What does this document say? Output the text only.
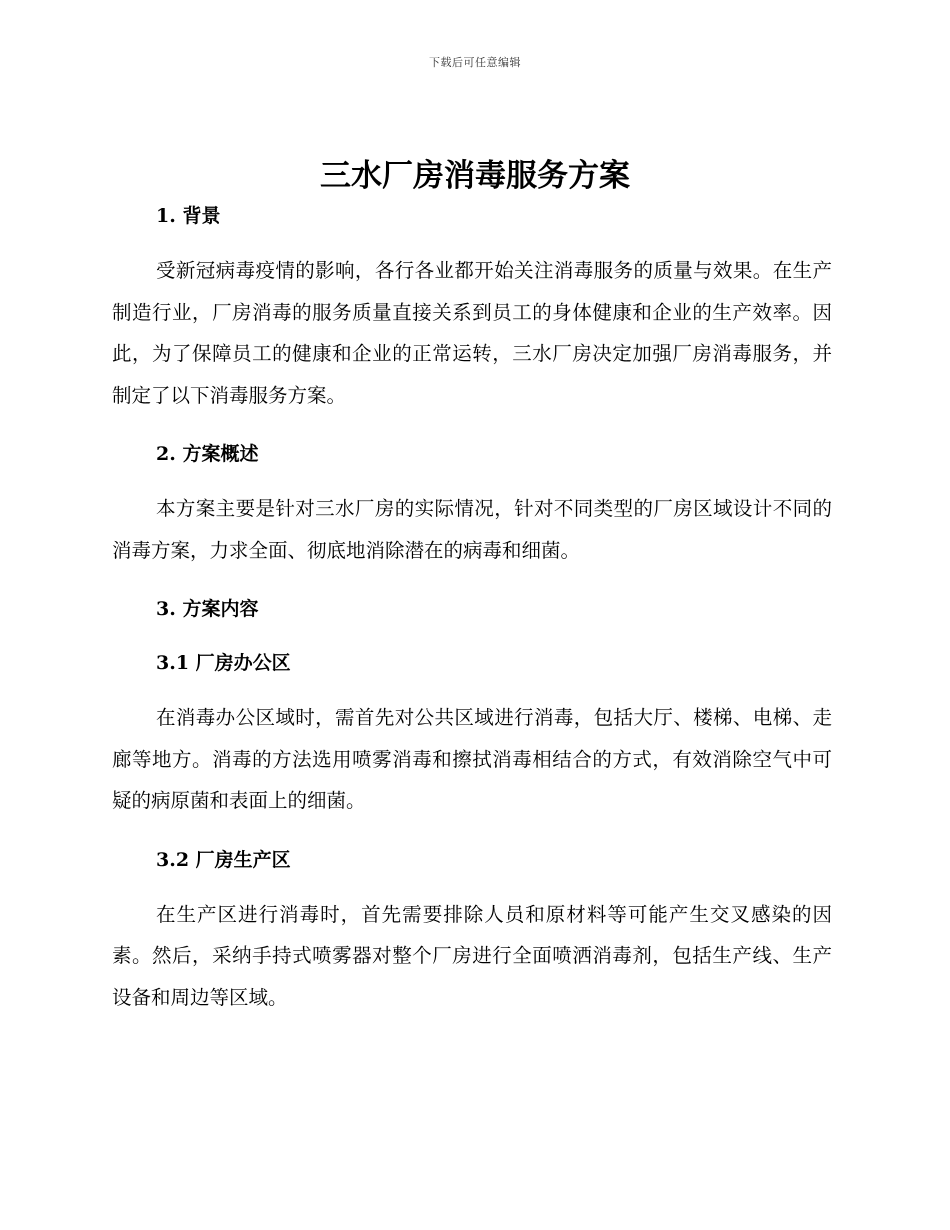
下载后可任意编辑
三水厂房消毒服务方案
1. 背景

受新冠病毒疫情的影响，各行各业都开始关注消毒服务的质量与效果。在生产制造行业，厂房消毒的服务质量直接关系到员工的身体健康和企业的生产效率。因此，为了保障员工的健康和企业的正常运转，三水厂房决定加强厂房消毒服务，并制定了以下消毒服务方案。

2. 方案概述

本方案主要是针对三水厂房的实际情况，针对不同类型的厂房区域设计不同的消毒方案，力求全面、彻底地消除潜在的病毒和细菌。

3. 方案内容
3.1 厂房办公区

在消毒办公区域时，需首先对公共区域进行消毒，包括大厅、楼梯、电梯、走廊等地方。消毒的方法选用喷雾消毒和擦拭消毒相结合的方式，有效消除空气中可疑的病原菌和表面上的细菌。

3.2 厂房生产区

在生产区进行消毒时，首先需要排除人员和原材料等可能产生交叉感染的因素。然后，采纳手持式喷雾器对整个厂房进行全面喷洒消毒剂，包括生产线、生产设备和周边等区域。
